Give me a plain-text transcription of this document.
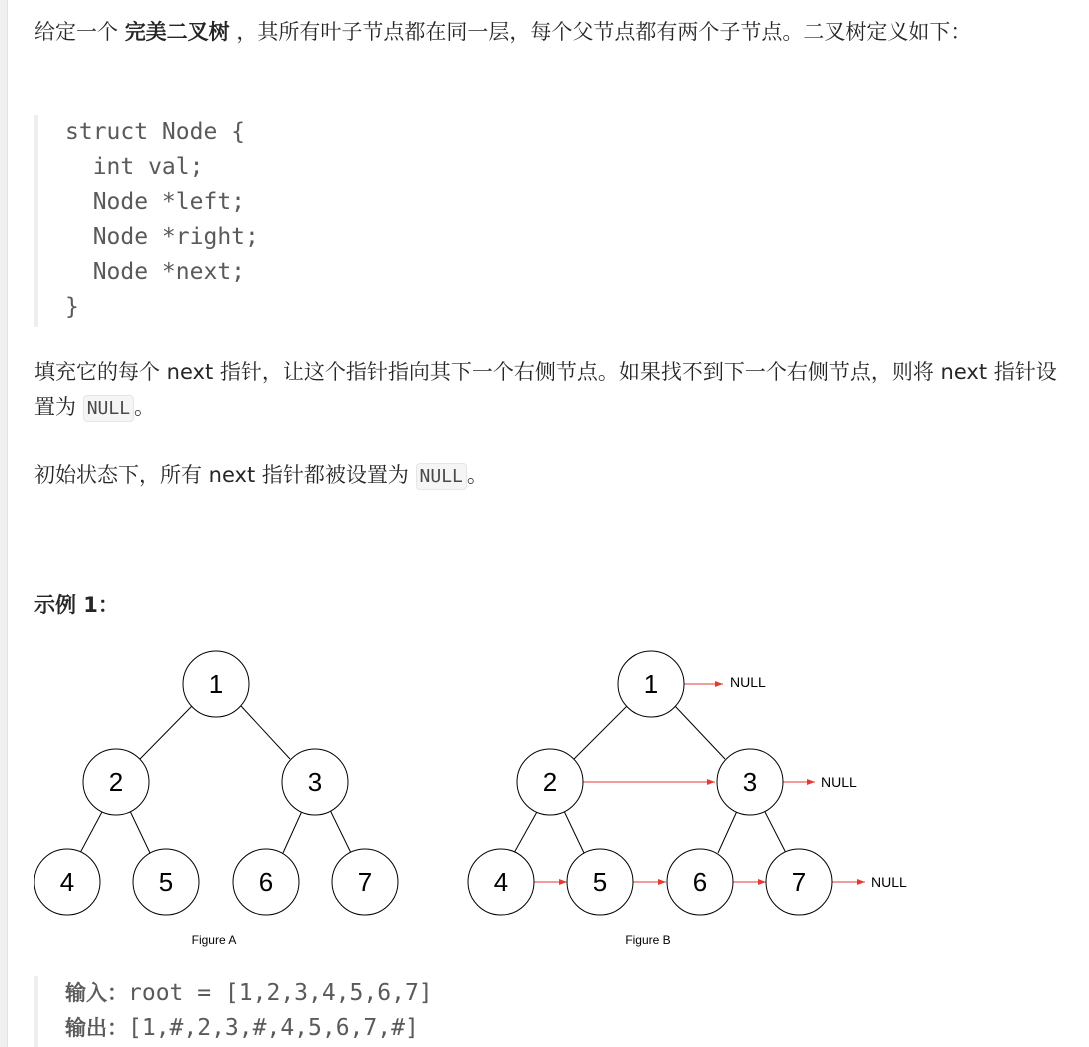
给定一个 完美二叉树 ，其所有叶子节点都在同一层，每个父节点都有两个子节点。二叉树定义如下：

struct Node {
int val;
Node *left;
Node *right;
Node *next;
}

填充它的每个 next 指针，让这个指针指向其下一个右侧节点。如果找不到下一个右侧节点，则将 next 指针设置为 NULL 。

初始状态下，所有 next 指针都被设置为 NULL 。

示例 1：
1
2	3
4	5	6	7
Figure A
1
2	3
4	5	6	7
NULL
NULL
NULL
Figure B
输入：root = [1,2,3,4,5,6,7]
输出：[1,#,2,3,#,4,5,6,7,#]
